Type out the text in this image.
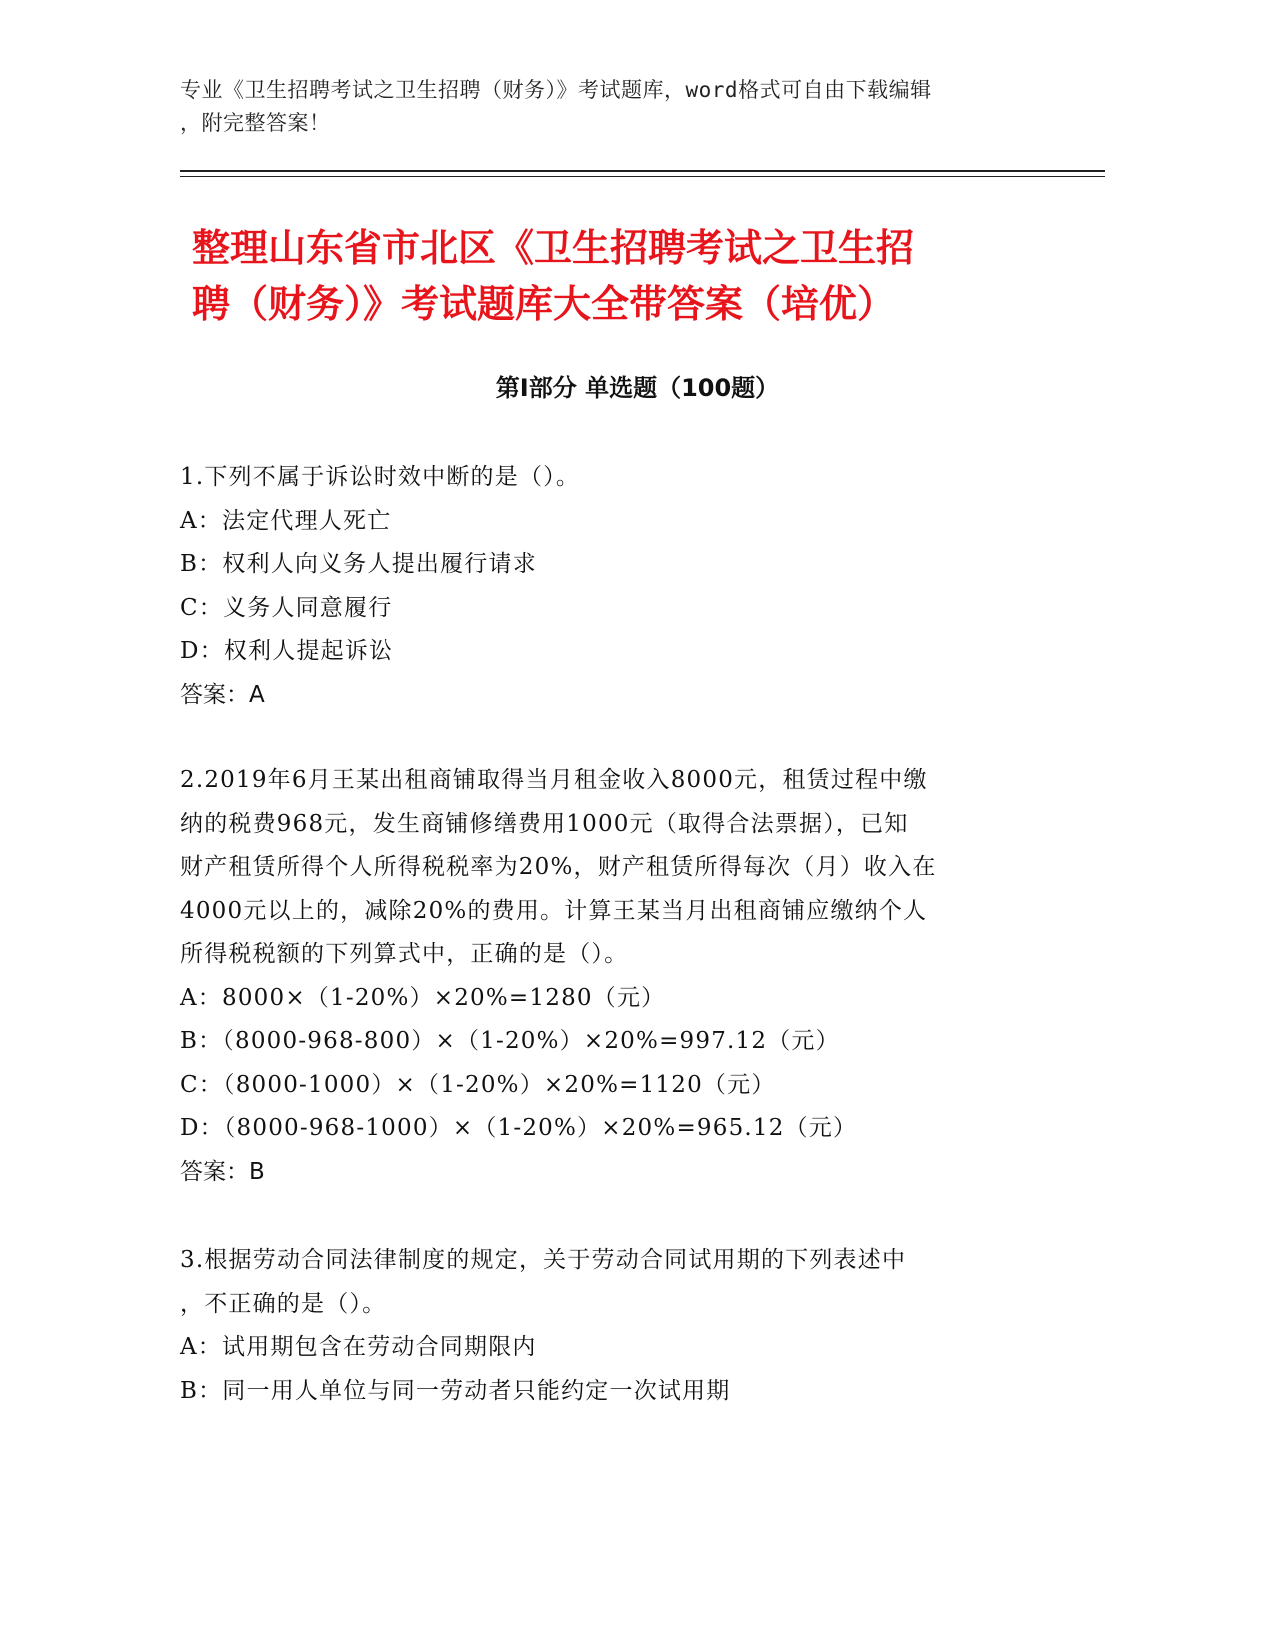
专业《卫生招聘考试之卫生招聘（财务）》考试题库，word格式可自由下载编辑
，附完整答案！
整理山东省市北区《卫生招聘考试之卫生招
聘（财务）》考试题库大全带答案（培优）
第Ⅰ部分 单选题（100题）

1.下列不属于诉讼时效中断的是（）。

A：法定代理人死亡

B：权利人向义务人提出履行请求

C：义务人同意履行

D：权利人提起诉讼

答案：A

2.2019年6月王某出租商铺取得当月租金收入8000元，租赁过程中缴

纳的税费968元，发生商铺修缮费用1000元（取得合法票据），已知

财产租赁所得个人所得税税率为20%，财产租赁所得每次（月）收入在

4000元以上的，减除20%的费用。计算王某当月出租商铺应缴纳个人

所得税税额的下列算式中，正确的是（）。

A：8000×（1-20%）×20%=1280（元）

B：（8000-968-800）×（1-20%）×20%=997.12（元）

C：（8000-1000）×（1-20%）×20%=1120（元）

D：（8000-968-1000）×（1-20%）×20%=965.12（元）

答案：B

3.根据劳动合同法律制度的规定，关于劳动合同试用期的下列表述中

，不正确的是（）。

A：试用期包含在劳动合同期限内

B：同一用人单位与同一劳动者只能约定一次试用期
